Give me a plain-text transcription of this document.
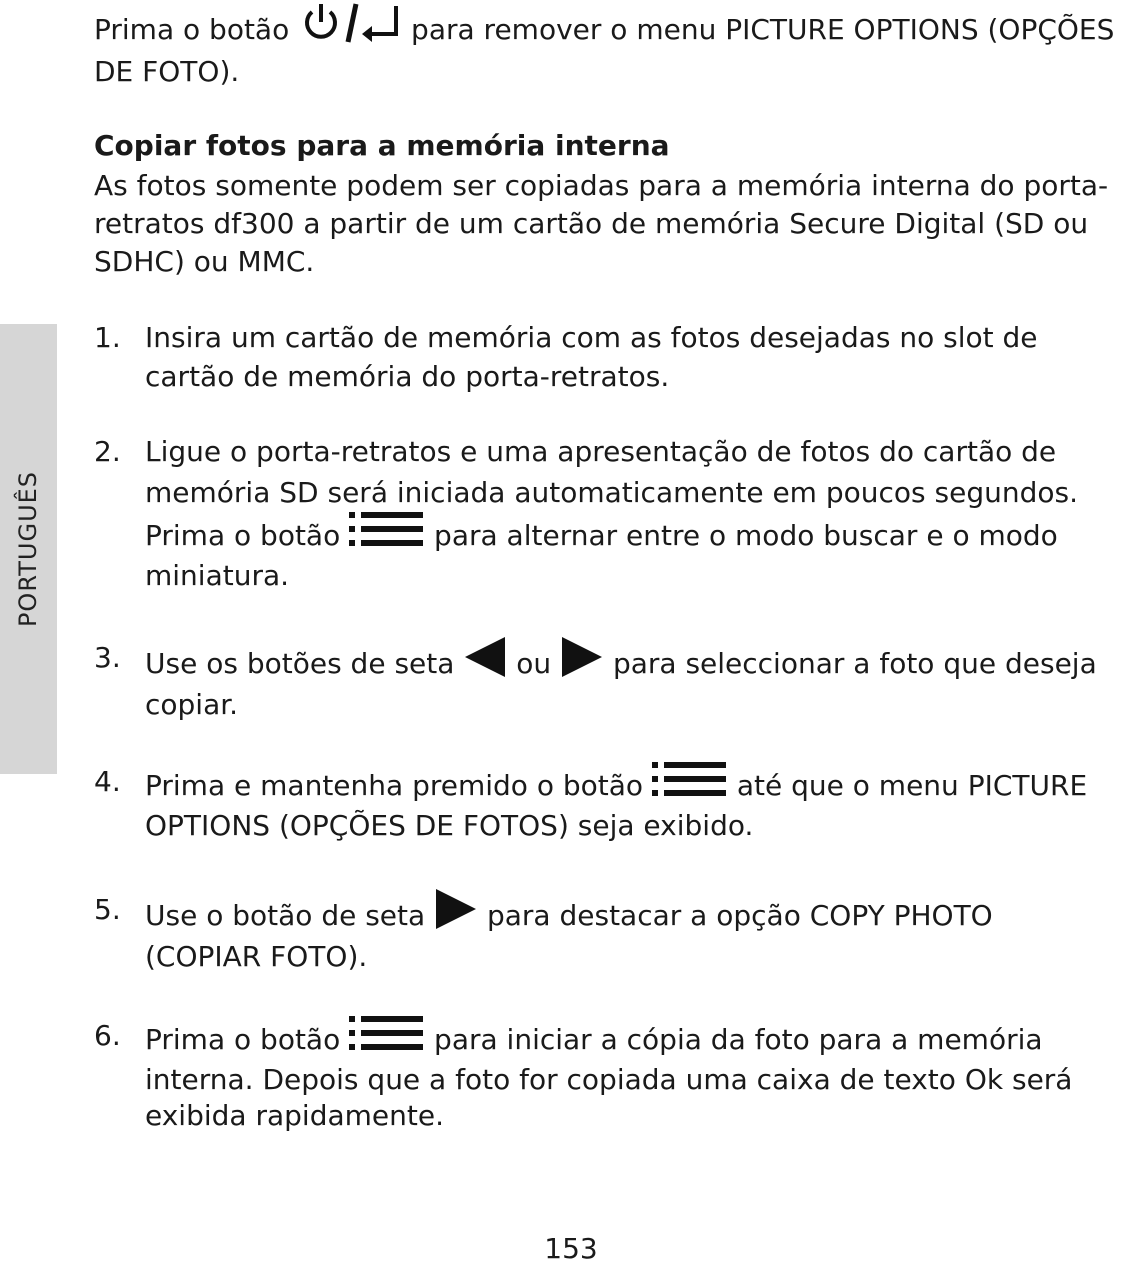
PORTUGUÊS
Prima o botão	para remover o menu PICTURE OPTIONS (OPÇÕES
DE FOTO).
Copiar fotos para a memória interna
As fotos somente podem ser copiadas para a memória interna do porta-
retratos df300 a partir de um cartão de memória Secure Digital (SD ou
SDHC) ou MMC.
1. Insira um cartão de memória com as fotos desejadas no slot de
cartão de memória do porta-retratos.
2. Ligue o porta-retratos e uma apresentação de fotos do cartão de
memória SD será iniciada automaticamente em poucos segundos.
Prima o botão	para alternar entre o modo buscar e o modo
miniatura.
3. Use os botões de seta ou para seleccionar a foto que deseja
copiar.
4. Prima e mantenha premido o botão	até que o menu PICTURE
OPTIONS (OPÇÕES DE FOTOS) seja exibido.
5. Use o botão de seta para destacar a opção COPY PHOTO
(COPIAR FOTO).
6. Prima o botão	para iniciar a cópia da foto para a memória
interna. Depois que a foto for copiada uma caixa de texto Ok será
exibida rapidamente.
153
